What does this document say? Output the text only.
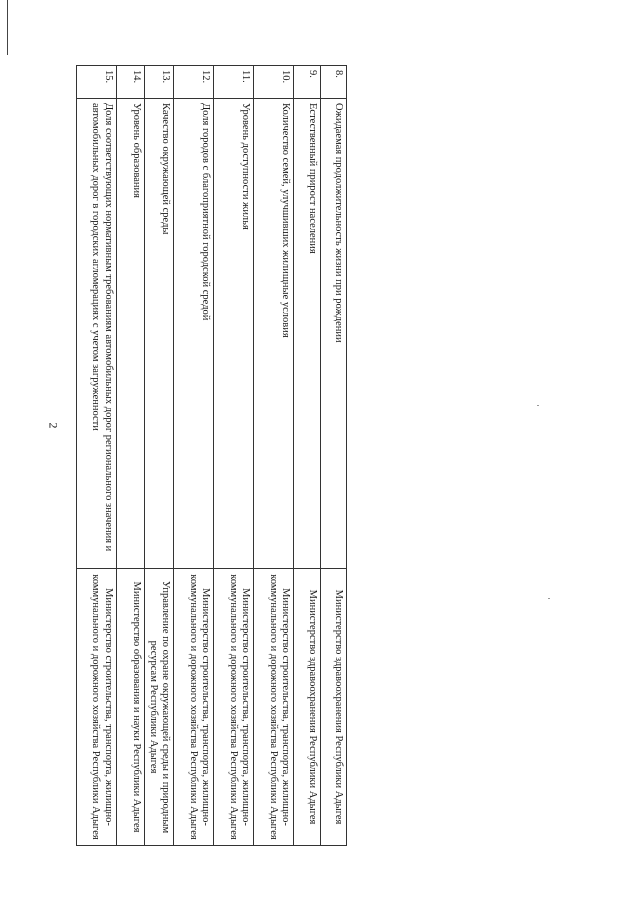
2
8.	Ожидаемая продолжительность жизни при рождении	Министерство здравоохранения Республики Адыгея
9.	Естественный прирост населения	Министерство здравоохранения Республики Адыгея
10.	Количество семей, улучшивших жилищные условия	Министерство строительства, транспорта, жилищно-коммунального и дорожного хозяйства Республики Адыгея
11.	Уровень доступности жилья	Министерство строительства, транспорта, жилищно-коммунального и дорожного хозяйства Республики Адыгея
12.	Доля городов с благоприятной городской средой	Министерство строительства, транспорта, жилищно-коммунального и дорожного хозяйства Республики Адыгея
13.	Качество окружающей среды	Управление по охране окружающей среды и природным ресурсам Республики Адыгея
14.	Уровень образования	Министерство образования и науки Республики Адыгея
15.	Доля соответствующих нормативным требованиям автомобильных дорог регионального значения и автомобильных дорог в городских агломерациях с учетом загруженности	Министерство строительства, транспорта, жилищно-коммунального и дорожного хозяйства Республики Адыгея
